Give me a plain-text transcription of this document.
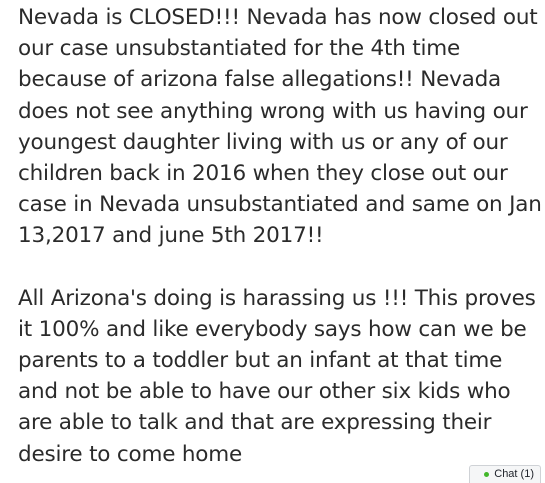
Nevada is CLOSED!!! Nevada has now closed out
our case unsubstantiated for the 4th time
because of arizona false allegations!! Nevada
does not see anything wrong with us having our
youngest daughter living with us or any of our
children back in 2016 when they close out our
case in Nevada unsubstantiated and same on Jan
13,2017 and june 5th 2017!!

All Arizona's doing is harassing us !!! This proves
it 100% and like everybody says how can we be
parents to a toddler but an infant at that time
and not be able to have our other six kids who
are able to talk and that are expressing their
desire to come home

Chat (1)
